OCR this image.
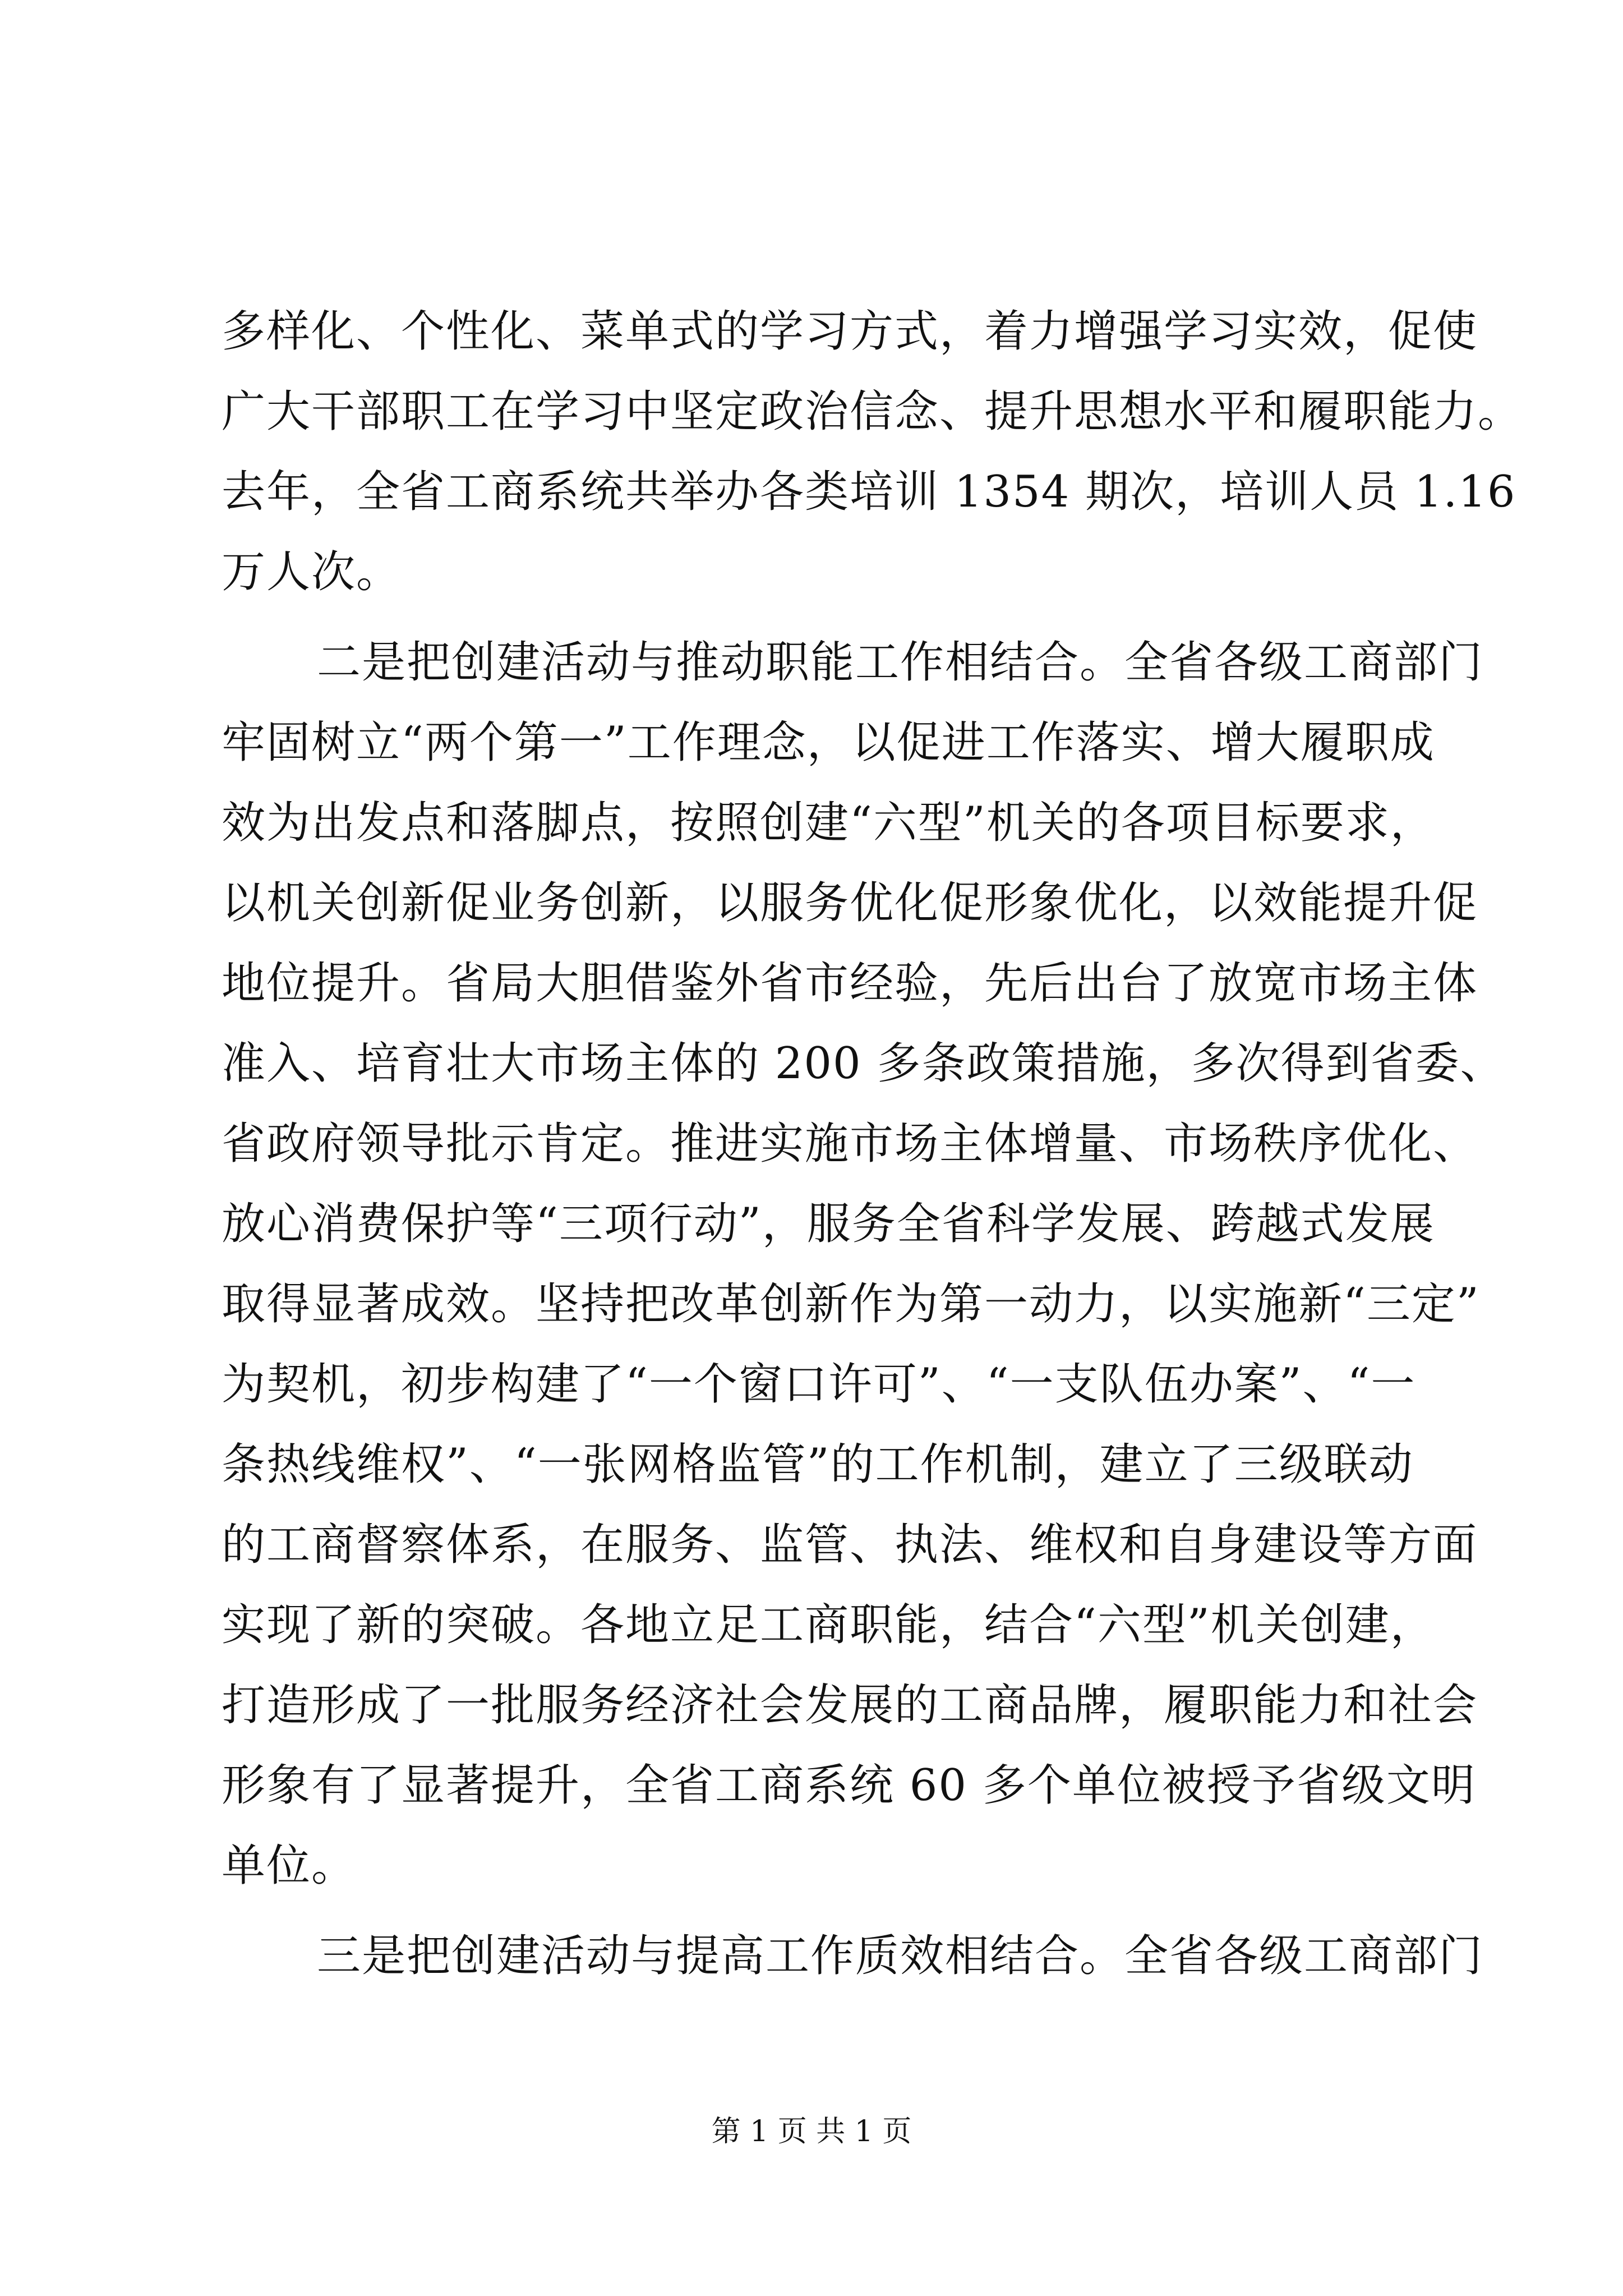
多样化、个性化、菜单式的学习方式，着力增强学习实效，促使
广大干部职工在学习中坚定政治信念、提升思想水平和履职能力。
去年，全省工商系统共举办各类培训 1354 期次，培训人员 1.16
万人次。
二是把创建活动与推动职能工作相结合。全省各级工商部门
牢固树立“两个第一”工作理念，以促进工作落实、增大履职成
效为出发点和落脚点，按照创建“六型”机关的各项目标要求，
以机关创新促业务创新，以服务优化促形象优化，以效能提升促
地位提升。省局大胆借鉴外省市经验，先后出台了放宽市场主体
准入、培育壮大市场主体的 200 多条政策措施，多次得到省委、
省政府领导批示肯定。推进实施市场主体增量、市场秩序优化、
放心消费保护等“三项行动”，服务全省科学发展、跨越式发展
取得显著成效。坚持把改革创新作为第一动力，以实施新“三定”
为契机，初步构建了“一个窗口许可”、“一支队伍办案”、“一
条热线维权”、“一张网格监管”的工作机制，建立了三级联动
的工商督察体系，在服务、监管、执法、维权和自身建设等方面
实现了新的突破。各地立足工商职能，结合“六型”机关创建，
打造形成了一批服务经济社会发展的工商品牌，履职能力和社会
形象有了显著提升，全省工商系统 60 多个单位被授予省级文明
单位。
三是把创建活动与提高工作质效相结合。全省各级工商部门
第 1 页 共 1 页
